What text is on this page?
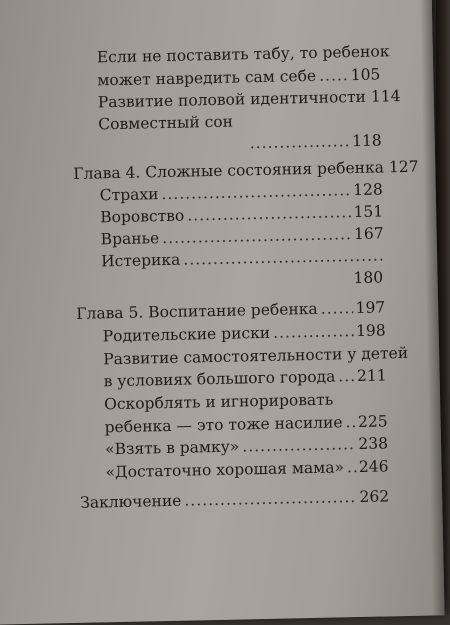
Если не поставить табу, то ребенок
может навредить сам себе ..... 105
Развитие половой идентичности ..... 114
Совместный сон
.....
118
Глава 4. Сложные состояния ребенка ..... 127
Страхи .....	128
Воровство .....	151
Вранье .....	167
Истерика
.....
180
Глава 5. Воспитание ребенка ..... 197
Родительские риски .....	198
Развитие самостоятельности у детей
в условиях большого города ..... 211
Оскорблять и игнорировать
ребенка — это тоже насилие ..... 225
«Взять в рамку» .....	238
«Достаточно хорошая мама» ..... 246
Заключение .....	262
